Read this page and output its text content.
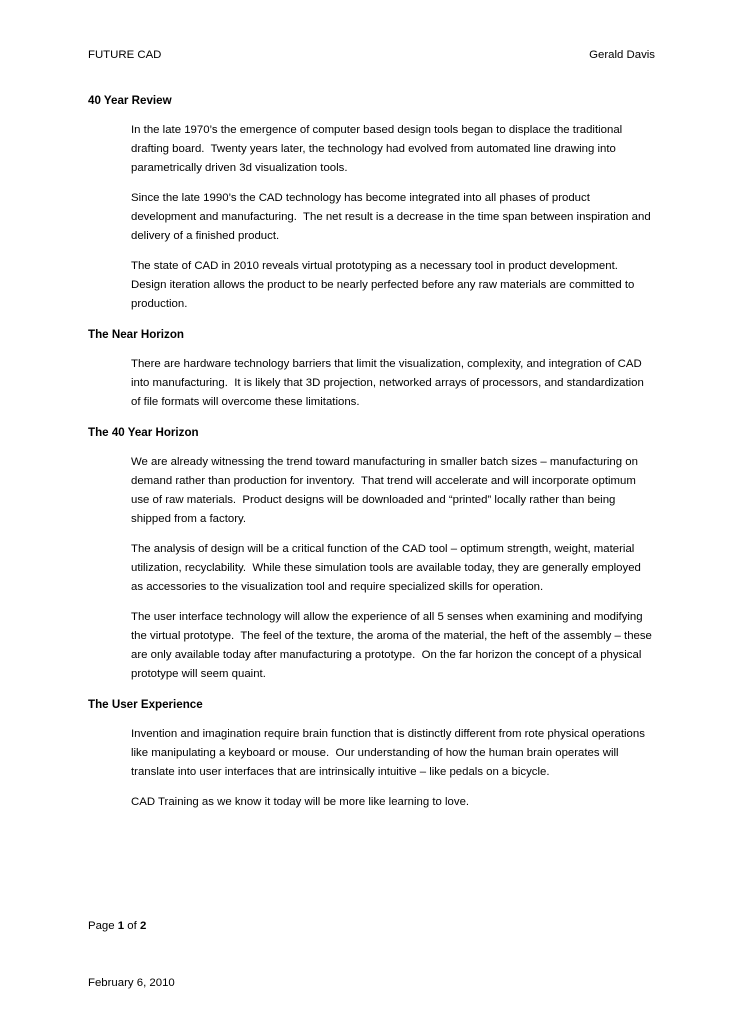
FUTURE CAD	Gerald Davis
40 Year Review

In the late 1970’s the emergence of computer based design tools began to displace the traditional drafting board.  Twenty years later, the technology had evolved from automated line drawing into parametrically driven 3d visualization tools.

Since the late 1990’s the CAD technology has become integrated into all phases of product development and manufacturing.  The net result is a decrease in the time span between inspiration and delivery of a finished product.

The state of CAD in 2010 reveals virtual prototyping as a necessary tool in product development.  Design iteration allows the product to be nearly perfected before any raw materials are committed to production.

The Near Horizon

There are hardware technology barriers that limit the visualization, complexity, and integration of CAD into manufacturing.  It is likely that 3D projection, networked arrays of processors, and standardization of file formats will overcome these limitations.

The 40 Year Horizon

We are already witnessing the trend toward manufacturing in smaller batch sizes – manufacturing on demand rather than production for inventory.  That trend will accelerate and will incorporate optimum use of raw materials.  Product designs will be downloaded and “printed” locally rather than being shipped from a factory.

The analysis of design will be a critical function of the CAD tool – optimum strength, weight, material utilization, recyclability.  While these simulation tools are available today, they are generally employed as accessories to the visualization tool and require specialized skills for operation.

The user interface technology will allow the experience of all 5 senses when examining and modifying the virtual prototype.  The feel of the texture, the aroma of the material, the heft of the assembly – these are only available today after manufacturing a prototype.  On the far horizon the concept of a physical prototype will seem quaint.

The User Experience

Invention and imagination require brain function that is distinctly different from rote physical operations like manipulating a keyboard or mouse.  Our understanding of how the human brain operates will translate into user interfaces that are intrinsically intuitive – like pedals on a bicycle.

CAD Training as we know it today will be more like learning to love.

Page 1 of 2

February 6, 2010
